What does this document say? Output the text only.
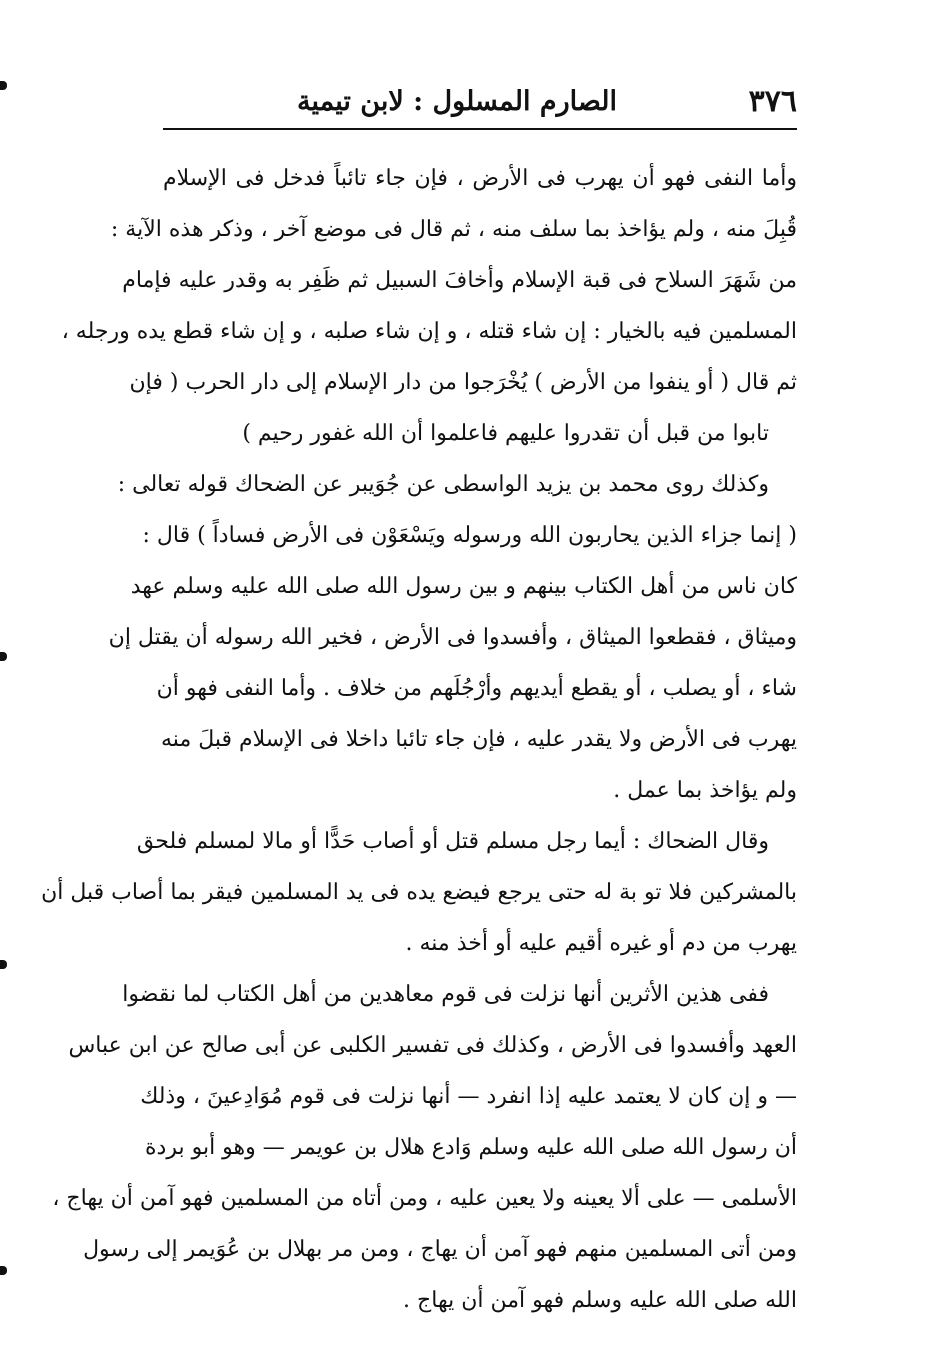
٣٧٦
الصارم المسلول : لابن تيمية
وأما النفى فهو أن يهرب فى الأرض ، فإن جاء تائباً فدخل فى الإسلام
قُبِلَ منه ، ولم يؤاخذ بما سلف منه ، ثم قال فى موضع آخر ، وذكر هذه الآية :
من شَهَرَ السلاح فى قبة الإسلام وأخافَ السبيل ثم ظَفِر به وقدر عليه فإمام
المسلمين فيه بالخيار : إن شاء قتله ، و إن شاء صلبه ، و إن شاء قطع يده ورجله ،
ثم قال ( أو ينفوا من الأرض ) يُخْرَجوا من دار الإسلام إلى دار الحرب ( فإن
تابوا من قبل أن تقدروا عليهم فاعلموا أن الله غفور رحيم )
وكذلك روى محمد بن يزيد الواسطى عن جُوَيبر عن الضحاك قوله تعالى :
( إنما جزاء الذين يحاربون الله ورسوله ويَسْعَوْن فى الأرض فساداً ) قال :
كان ناس من أهل الكتاب بينهم و بين رسول الله صلى الله عليه وسلم عهد
وميثاق ، فقطعوا الميثاق ، وأفسدوا فى الأرض ، فخير الله رسوله أن يقتل إن
شاء ، أو يصلب ، أو يقطع أيديهم وأرْجُلَهم من خلاف . وأما النفى فهو أن
يهرب فى الأرض ولا يقدر عليه ، فإن جاء تائبا داخلا فى الإسلام قبلَ منه
ولم يؤاخذ بما عمل .
وقال الضحاك : أيما رجل مسلم قتل أو أصاب حَدًّا أو مالا لمسلم فلحق
بالمشركين فلا تو بة له حتى يرجع فيضع يده فى يد المسلمين فيقر بما أصاب قبل أن
يهرب من دم أو غيره أقيم عليه أو أخذ منه .
ففى هذين الأثرين أنها نزلت فى قوم معاهدين من أهل الكتاب لما نقضوا
العهد وأفسدوا فى الأرض ، وكذلك فى تفسير الكلبى عن أبى صالح عن ابن عباس
— و إن كان لا يعتمد عليه إذا انفرد — أنها نزلت فى قوم مُوَادِعينَ ، وذلك
أن رسول الله صلى الله عليه وسلم وَادع هلال بن عويمر — وهو أبو بردة
الأسلمى — على ألا يعينه ولا يعين عليه ، ومن أتاه من المسلمين فهو آمن أن يهاج ،
ومن أتى المسلمين منهم فهو آمن أن يهاج ، ومن مر بهلال بن عُوَيمر إلى رسول
الله صلى الله عليه وسلم فهو آمن أن يهاج .
